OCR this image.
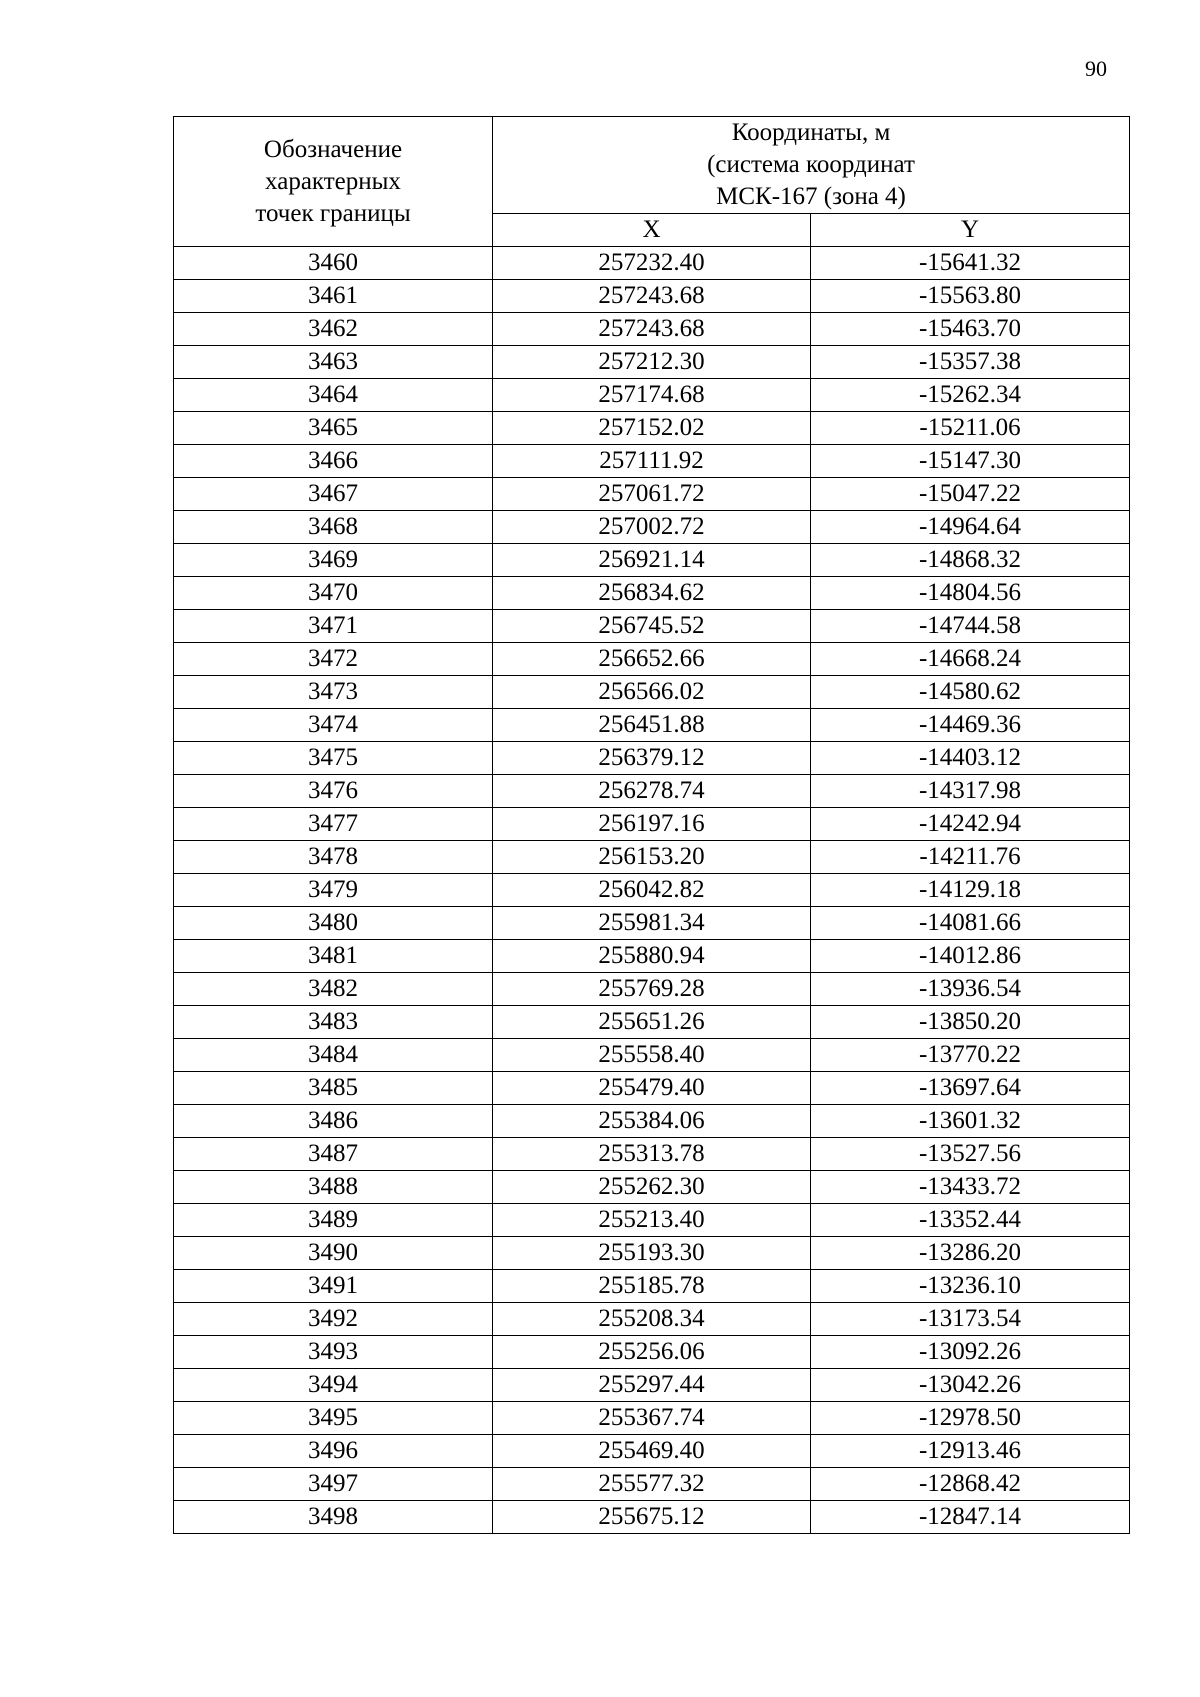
90
Обозначение
характерных
точек границы	Координаты, м
(система координат
МСК-167 (зона 4)	

	X	Y
3460	257232.40	-15641.32
3461	257243.68	-15563.80
3462	257243.68	-15463.70
3463	257212.30	-15357.38
3464	257174.68	-15262.34
3465	257152.02	-15211.06
3466	257111.92	-15147.30
3467	257061.72	-15047.22
3468	257002.72	-14964.64
3469	256921.14	-14868.32
3470	256834.62	-14804.56
3471	256745.52	-14744.58
3472	256652.66	-14668.24
3473	256566.02	-14580.62
3474	256451.88	-14469.36
3475	256379.12	-14403.12
3476	256278.74	-14317.98
3477	256197.16	-14242.94
3478	256153.20	-14211.76
3479	256042.82	-14129.18
3480	255981.34	-14081.66
3481	255880.94	-14012.86
3482	255769.28	-13936.54
3483	255651.26	-13850.20
3484	255558.40	-13770.22
3485	255479.40	-13697.64
3486	255384.06	-13601.32
3487	255313.78	-13527.56
3488	255262.30	-13433.72
3489	255213.40	-13352.44
3490	255193.30	-13286.20
3491	255185.78	-13236.10
3492	255208.34	-13173.54
3493	255256.06	-13092.26
3494	255297.44	-13042.26
3495	255367.74	-12978.50
3496	255469.40	-12913.46
3497	255577.32	-12868.42
3498	255675.12	-12847.14
